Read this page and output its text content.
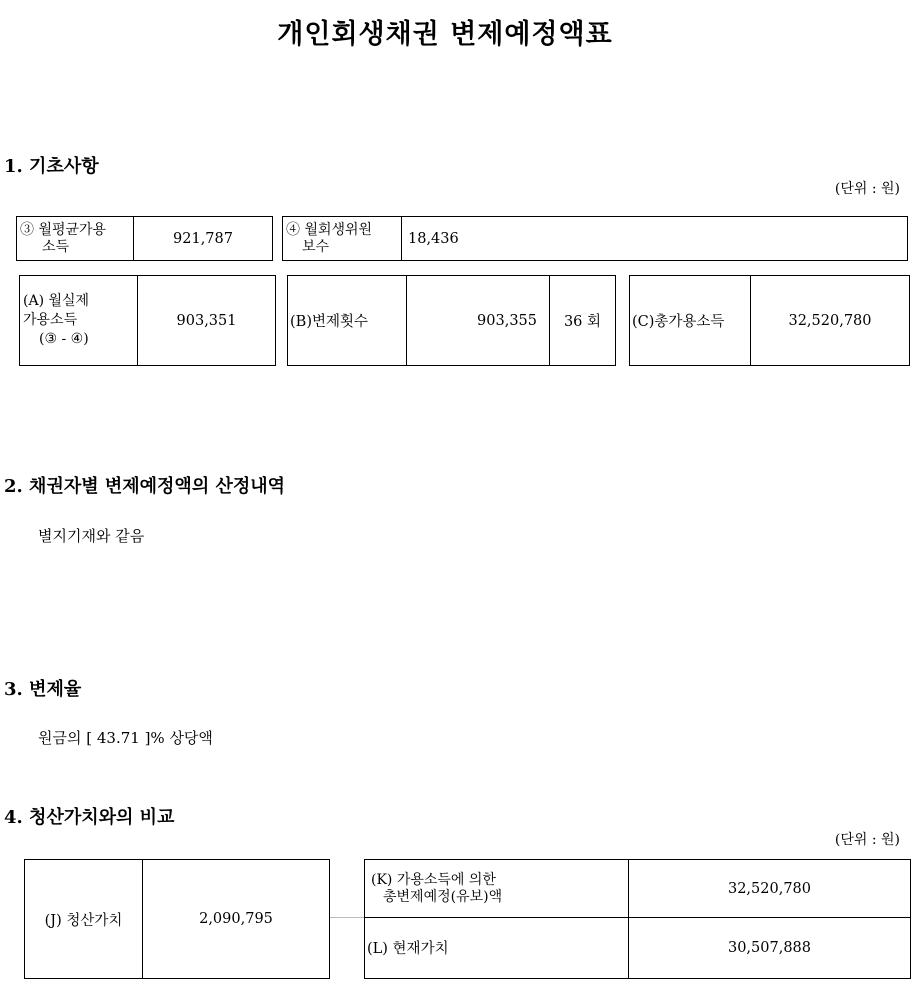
개인회생채권 변제예정액표
1. 기초사항
(단위 : 원)
③ 월평균가용
소득	921,787
④ 월회생위원
보수	18,436
(A) 월실제
가용소득
(③ - ④)
903,351	(B)변제횟수	903,355	36 회	(C)총가용소득	32,520,780
2. 채권자별 변제예정액의 산정내역
별지기재와 같음
3. 변제율
원금의 [ 43.71 ]% 상당액
4. 청산가치와의 비교
(단위 : 원)
(J) 청산가치	2,090,795
(K) 가용소득에 의한
총변제예정(유보)액	32,520,780
(L) 현재가치	30,507,888
